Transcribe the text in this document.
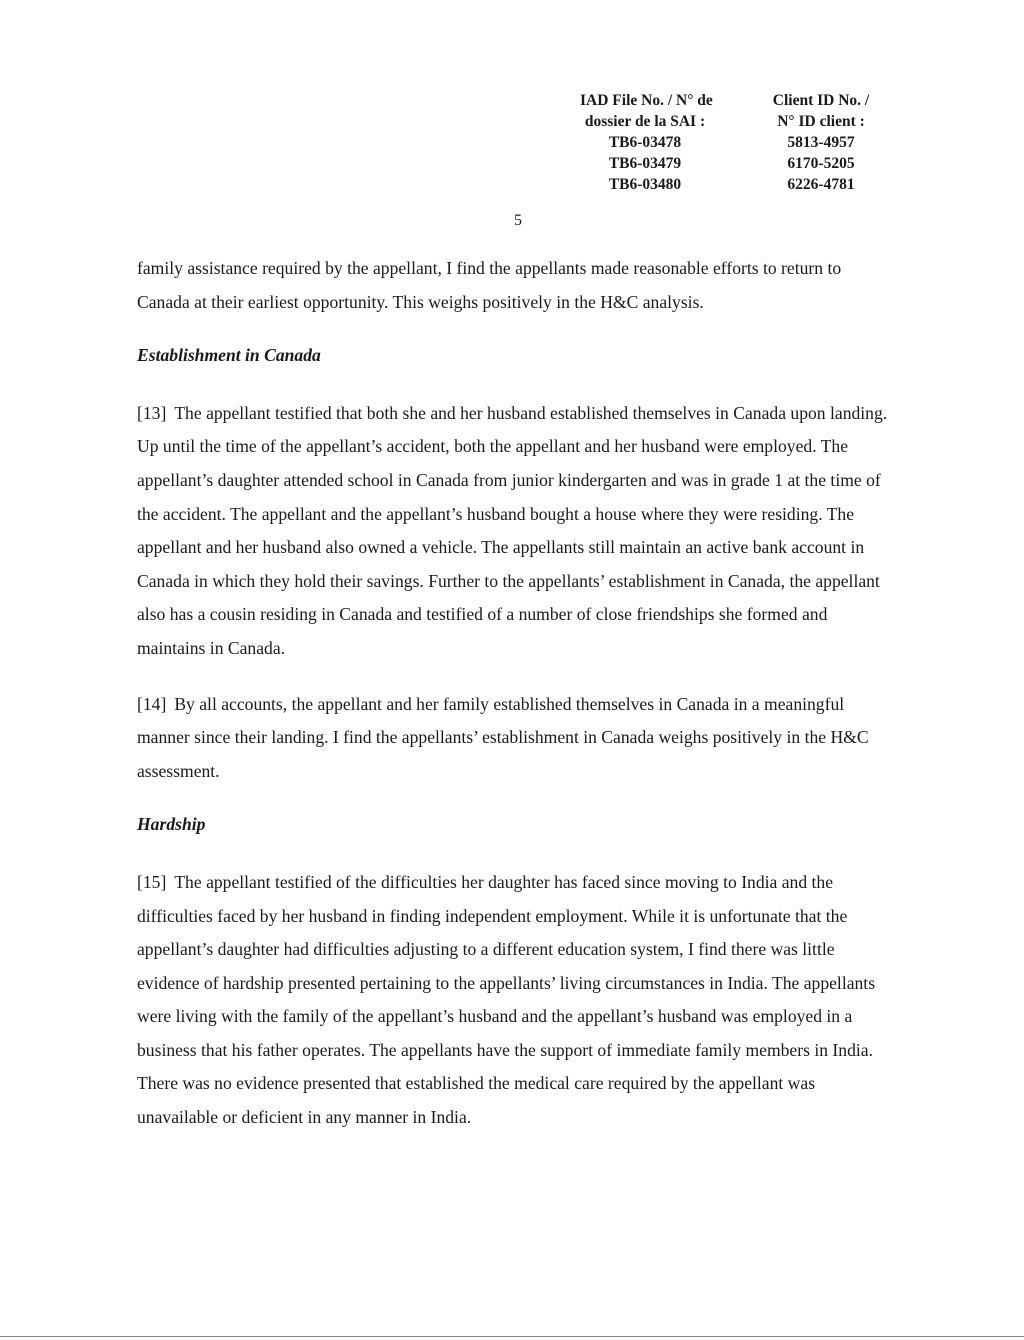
IAD File No. / N° de
dossier de la SAI :
TB6-03478
TB6-03479
TB6-03480
Client ID No. /
N° ID client :
5813-4957
6170-5205
6226-4781
5

family assistance required by the appellant, I find the appellants made reasonable efforts to return to Canada at their earliest opportunity. This weighs positively in the H&C analysis.

Establishment in Canada

[13] The appellant testified that both she and her husband established themselves in Canada upon landing. Up until the time of the appellant’s accident, both the appellant and her husband were employed. The appellant’s daughter attended school in Canada from junior kindergarten and was in grade 1 at the time of the accident. The appellant and the appellant’s husband bought a house where they were residing. The appellant and her husband also owned a vehicle. The appellants still maintain an active bank account in Canada in which they hold their savings. Further to the appellants’ establishment in Canada, the appellant also has a cousin residing in Canada and testified of a number of close friendships she formed and maintains in Canada.

[14] By all accounts, the appellant and her family established themselves in Canada in a meaningful manner since their landing. I find the appellants’ establishment in Canada weighs positively in the H&C assessment.

Hardship

[15] The appellant testified of the difficulties her daughter has faced since moving to India and the difficulties faced by her husband in finding independent employment. While it is unfortunate that the appellant’s daughter had difficulties adjusting to a different education system, I find there was little evidence of hardship presented pertaining to the appellants’ living circumstances in India. The appellants were living with the family of the appellant’s husband and the appellant’s husband was employed in a business that his father operates. The appellants have the support of immediate family members in India. There was no evidence presented that established the medical care required by the appellant was unavailable or deficient in any manner in India.
